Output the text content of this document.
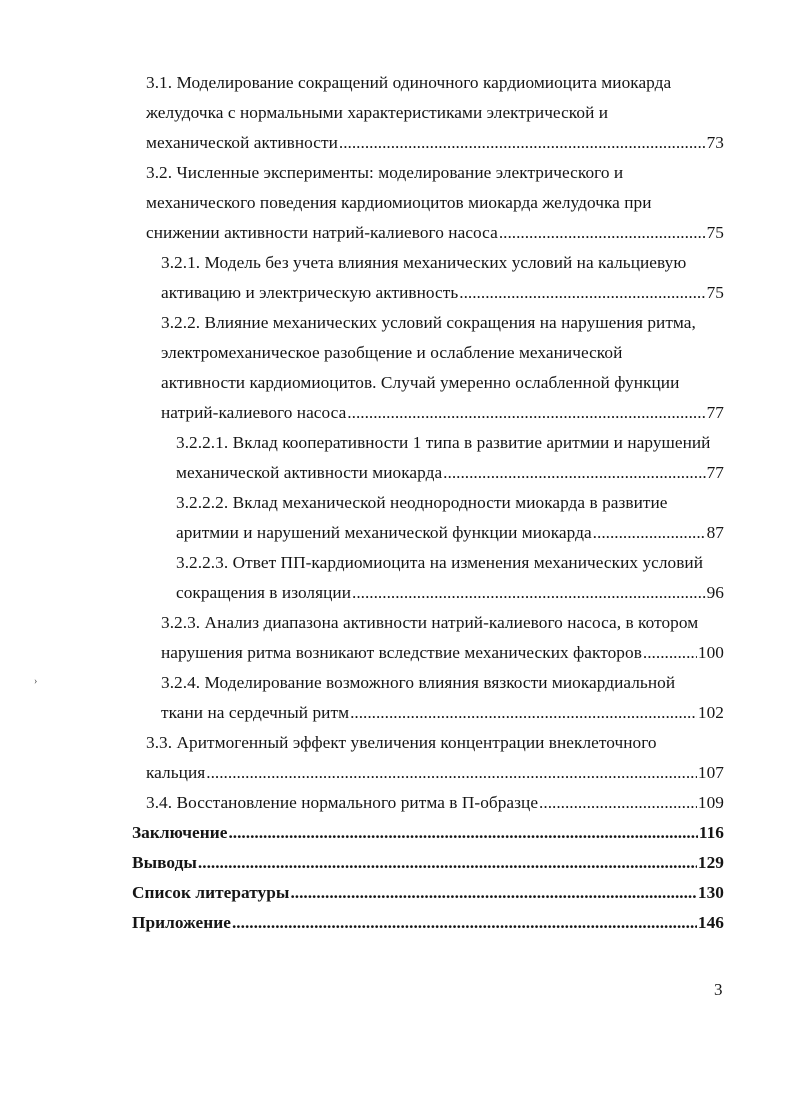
3.1. Моделирование сокращений одиночного кардиомиоцита миокарда
желудочка с нормальными характеристиками электрической и
механической активности .....	73
3.2. Численные эксперименты: моделирование электрического и
механического поведения кардиомиоцитов миокарда желудочка при
снижении активности натрий-калиевого насоса .....	75
3.2.1. Модель без учета влияния механических условий на кальциевую
активацию и электрическую активность .....	75
3.2.2. Влияние механических условий сокращения на нарушения ритма,
электромеханическое разобщение и ослабление механической
активности кардиомиоцитов. Случай умеренно ослабленной функции
натрий-калиевого насоса .....	77
3.2.2.1. Вклад кооперативности 1 типа в развитие аритмии и нарушений
механической активности миокарда .....	77
3.2.2.2. Вклад механической неоднородности миокарда в развитие
аритмии и нарушений механической функции миокарда .....	87
3.2.2.3. Ответ ПП-кардиомиоцита на изменения механических условий
сокращения в изоляции .....	96
3.2.3. Анализ диапазона активности натрий-калиевого насоса, в котором
нарушения ритма возникают вследствие механических факторов .....	100
3.2.4. Моделирование возможного влияния вязкости миокардиальной
ткани на сердечный ритм .....	102
3.3. Аритмогенный эффект увеличения концентрации внеклеточного
кальция .....	107
3.4. Восстановление нормального ритма в П-образце .....	109
Заключение .....	116
Выводы .....	129
Список литературы .....	130
Приложение .....	146
›
3
